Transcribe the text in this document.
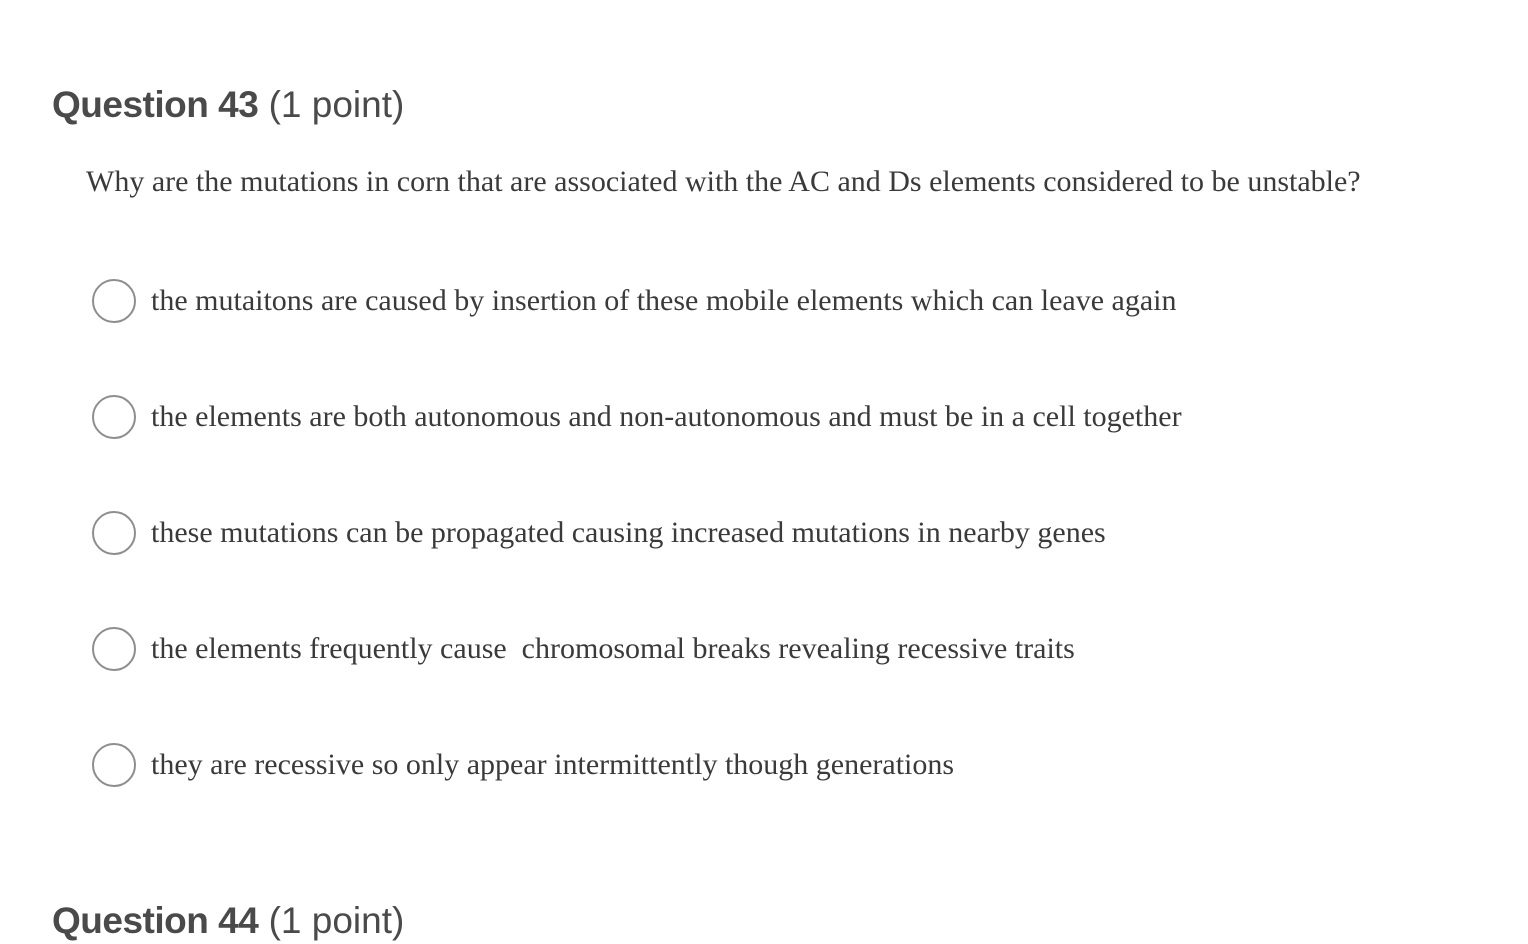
Question 43 (1 point)
Why are the mutations in corn that are associated with the AC and Ds elements considered to be unstable?
the mutaitons are caused by insertion of these mobile elements which can leave again
the elements are both autonomous and non-autonomous and must be in a cell together
these mutations can be propagated causing increased mutations in nearby genes
the elements frequently cause  chromosomal breaks revealing recessive traits
they are recessive so only appear intermittently though generations
Question 44 (1 point)
